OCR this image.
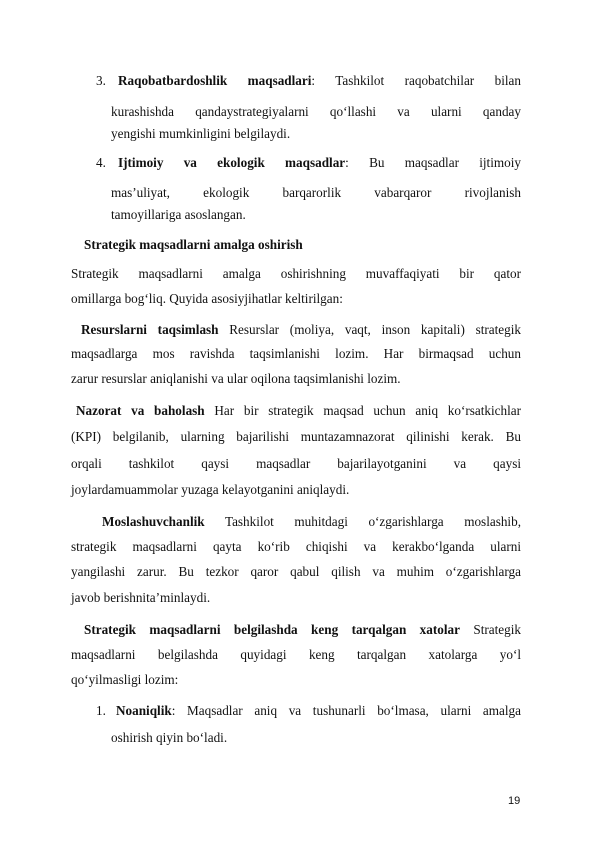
3. Raqobatbardoshlik maqsadlari: Tashkilot raqobatchilar bilan
kurashishda qandaystrategiyalarni qo‘llashi va ularni qanday
yengishi mumkinligini belgilaydi.
4. Ijtimoiy va ekologik maqsadlar: Bu maqsadlar ijtimoiy
mas’uliyat, ekologik barqarorlik vabarqaror rivojlanish
tamoyillariga asoslangan.
Strategik maqsadlarni amalga oshirish
Strategik maqsadlarni amalga oshirishning muvaffaqiyati bir qator
omillarga bog‘liq. Quyida asosiyjihatlar keltirilgan:
Resurslarni taqsimlash Resurslar (moliya, vaqt, inson kapitali) strategik
maqsadlarga mos ravishda taqsimlanishi lozim. Har birmaqsad uchun
zarur resurslar aniqlanishi va ular oqilona taqsimlanishi lozim.
Nazorat va baholash Har bir strategik maqsad uchun aniq ko‘rsatkichlar
(KPI) belgilanib, ularning bajarilishi muntazamnazorat qilinishi kerak. Bu
orqali tashkilot qaysi maqsadlar bajarilayotganini va qaysi
joylardamuammolar yuzaga kelayotganini aniqlaydi.
Moslashuvchanlik Tashkilot muhitdagi o‘zgarishlarga moslashib,
strategik maqsadlarni qayta ko‘rib chiqishi va kerakbo‘lganda ularni
yangilashi zarur. Bu tezkor qaror qabul qilish va muhim o‘zgarishlarga
javob berishnita’minlaydi.
Strategik maqsadlarni belgilashda keng tarqalgan xatolar Strategik
maqsadlarni belgilashda quyidagi keng tarqalgan xatolarga yo‘l
qo‘yilmasligi lozim:
1. Noaniqlik: Maqsadlar aniq va tushunarli bo‘lmasa, ularni amalga
oshirish qiyin bo‘ladi.
19
